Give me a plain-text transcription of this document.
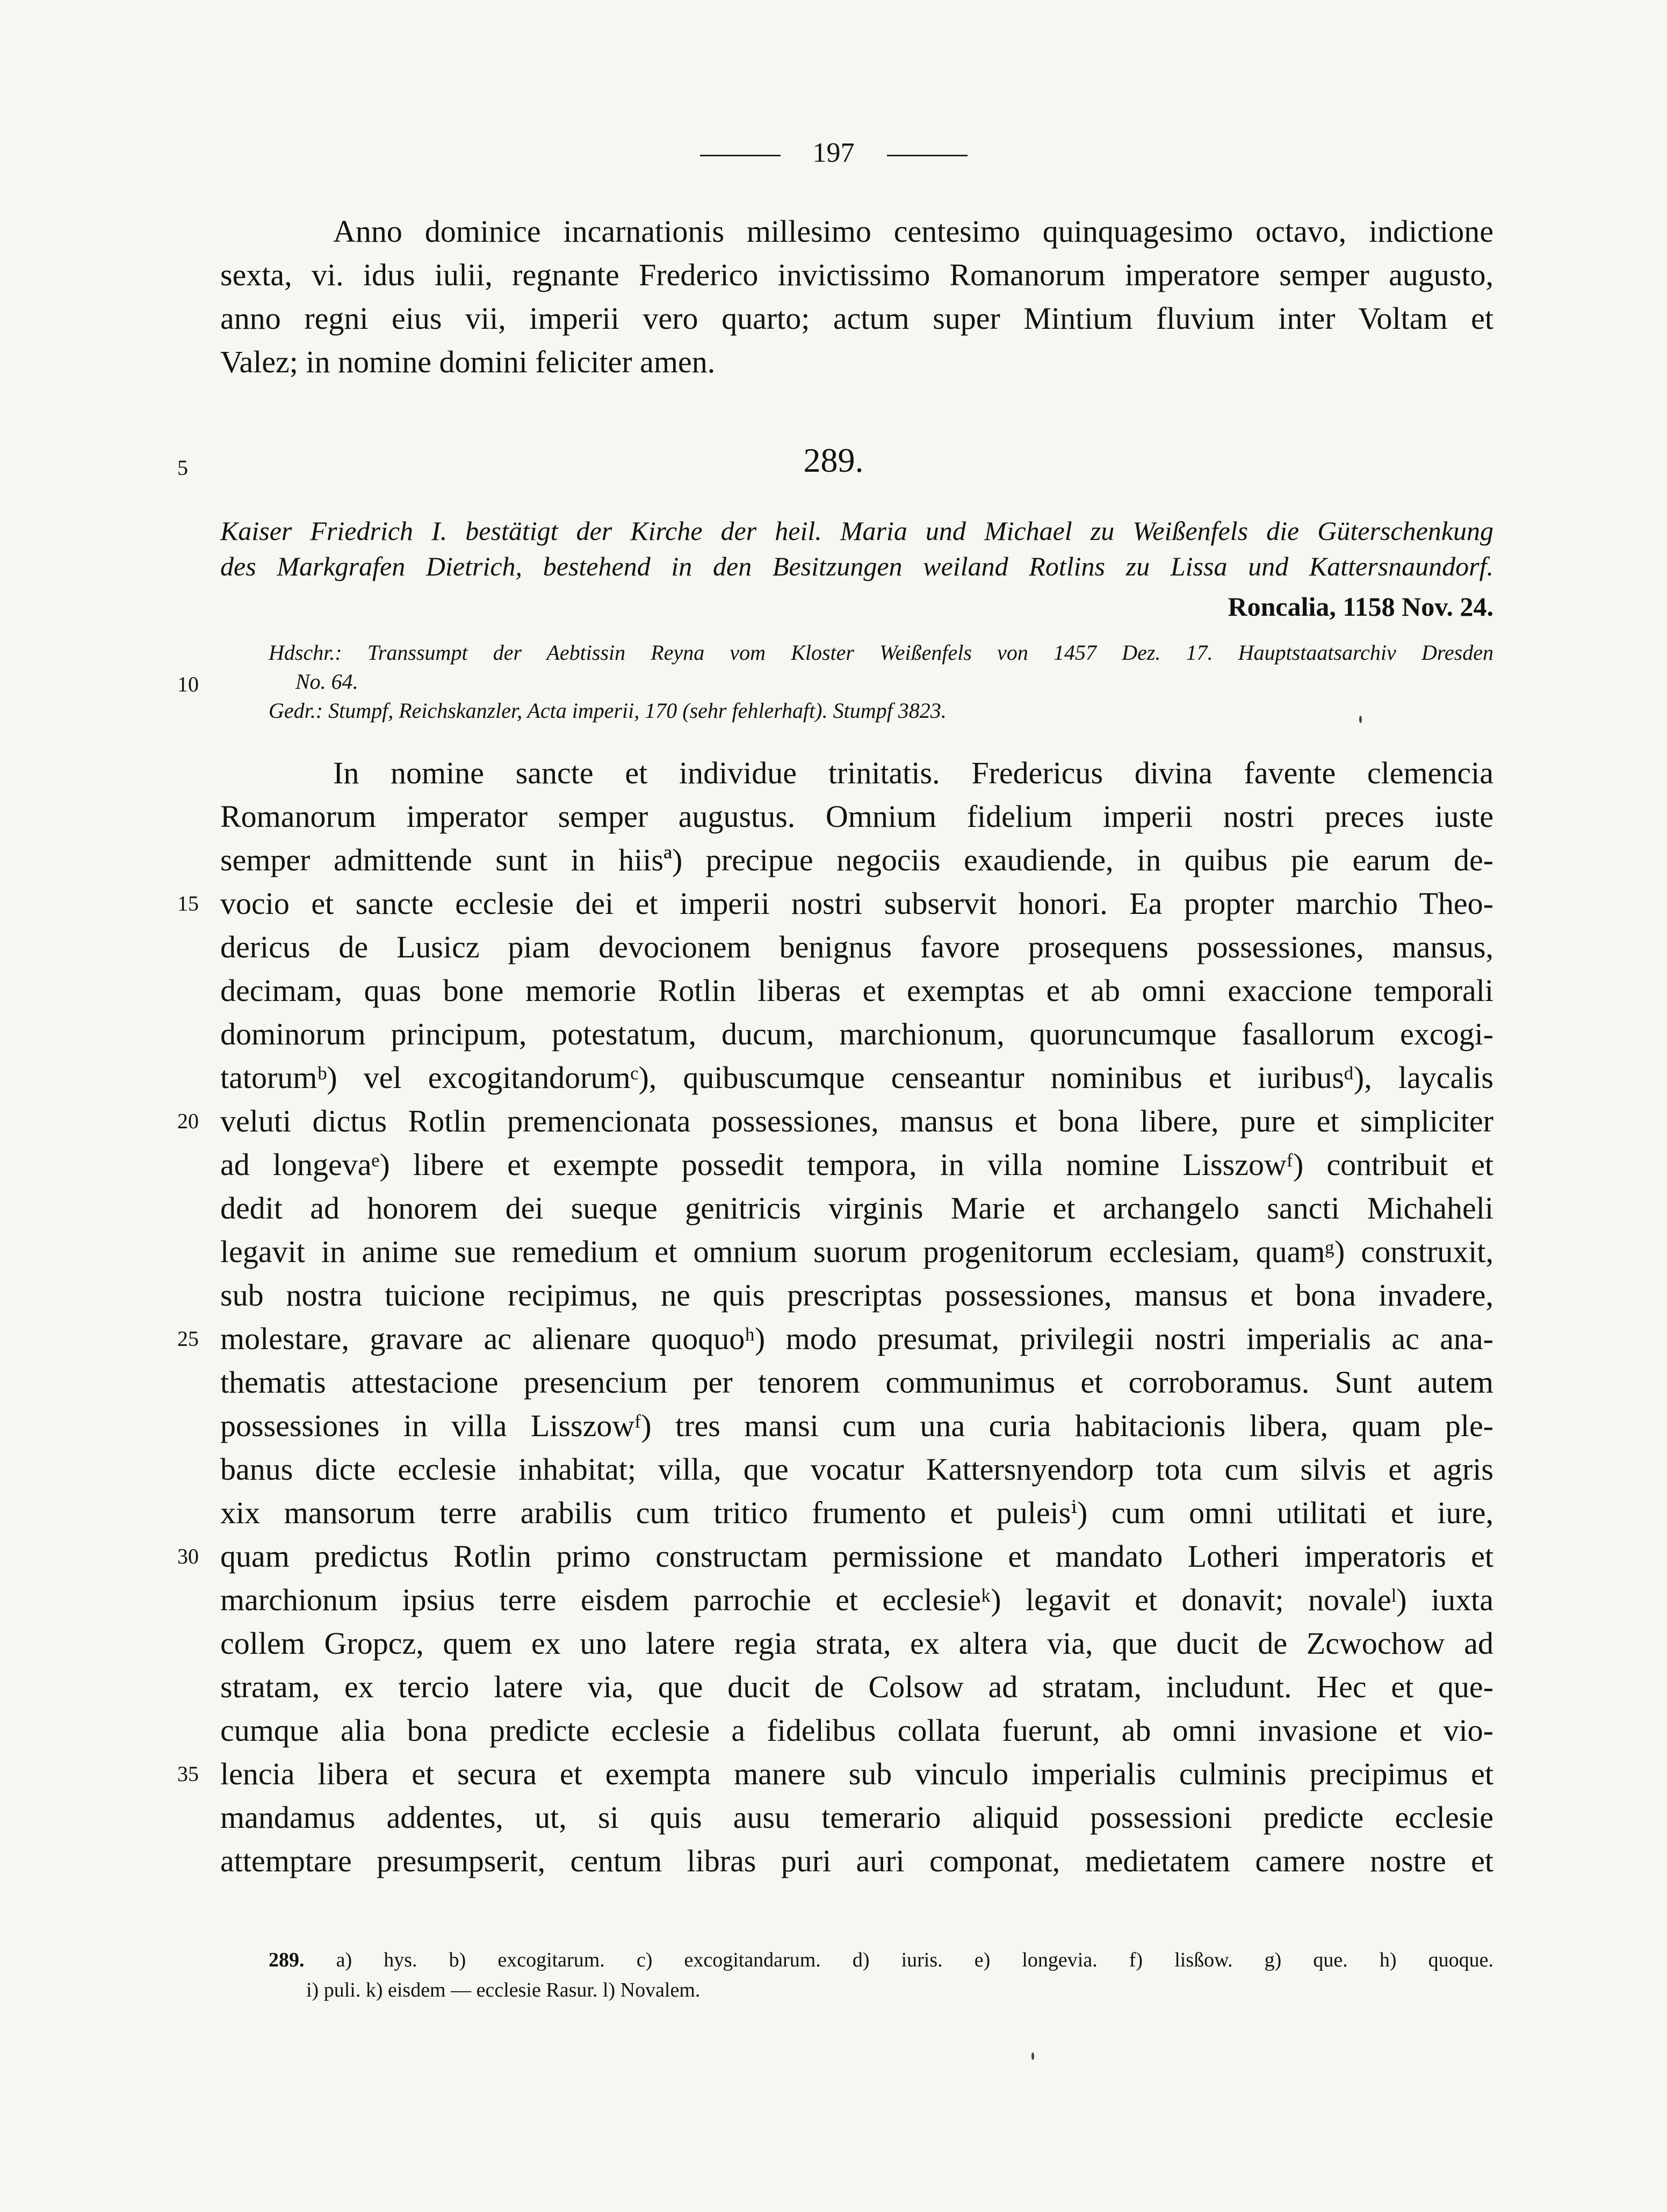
197
Anno dominice incarnationis millesimo centesimo quinquagesimo octavo, indictione
sexta, vi. idus iulii, regnante Frederico invictissimo Romanorum imperatore semper augusto,
anno regni eius vii, imperii vero quarto; actum super Mintium fluvium inter Voltam et
Valez; in nomine domini feliciter amen.
5	289.
Kaiser Friedrich I. bestätigt der Kirche der heil. Maria und Michael zu Weißenfels die Güterschenkung
des Markgrafen Dietrich, bestehend in den Besitzungen weiland Rotlins zu Lissa und Kattersnaundorf.
Roncalia, 1158 Nov. 24.
Hdschr.: Transsumpt der Aebtissin Reyna vom Kloster Weißenfels von 1457 Dez. 17. Hauptstaatsarchiv Dresden
No. 64.
Gedr.: Stumpf, Reichskanzler, Acta imperii, 170 (sehr fehlerhaft). Stumpf 3823.
10
In nomine sancte et individue trinitatis. Fredericus divina favente clemencia
Romanorum imperator semper augustus. Omnium fidelium imperii nostri preces iuste
semper admittende sunt in hiisª) precipue negociis exaudiende, in quibus pie earum de-
vocio et sancte ecclesie dei et imperii nostri subservit honori. Ea propter marchio Theo-
dericus de Lusicz piam devocionem benignus favore prosequens possessiones, mansus,
decimam, quas bone memorie Rotlin liberas et exemptas et ab omni exaccione temporali
dominorum principum, potestatum, ducum, marchionum, quoruncumque fasallorum excogi-
tatorumᵇ) vel excogitandorumᶜ), quibuscumque censeantur nominibus et iuribusᵈ), laycalis
veluti dictus Rotlin premencionata possessiones, mansus et bona libere, pure et simpliciter
ad longevaᵉ) libere et exempte possedit tempora, in villa nomine Lisszowᶠ) contribuit et
dedit ad honorem dei sueque genitricis virginis Marie et archangelo sancti Michaheli
legavit in anime sue remedium et omnium suorum progenitorum ecclesiam, quamᵍ) construxit,
sub nostra tuicione recipimus, ne quis prescriptas possessiones, mansus et bona invadere,
molestare, gravare ac alienare quoquoʰ) modo presumat, privilegii nostri imperialis ac ana-
thematis attestacione presencium per tenorem communimus et corroboramus. Sunt autem
possessiones in villa Lisszowᶠ) tres mansi cum una curia habitacionis libera, quam ple-
banus dicte ecclesie inhabitat; villa, que vocatur Kattersnyendorp tota cum silvis et agris
xix mansorum terre arabilis cum tritico frumento et puleisⁱ) cum omni utilitati et iure,
quam predictus Rotlin primo constructam permissione et mandato Lotheri imperatoris et
marchionum ipsius terre eisdem parrochie et ecclesieᵏ) legavit et donavit; novaleˡ) iuxta
collem Gropcz, quem ex uno latere regia strata, ex altera via, que ducit de Zcwochow ad
stratam, ex tercio latere via, que ducit de Colsow ad stratam, includunt. Hec et que-
cumque alia bona predicte ecclesie a fidelibus collata fuerunt, ab omni invasione et vio-
lencia libera et secura et exempta manere sub vinculo imperialis culminis precipimus et
mandamus addentes, ut, si quis ausu temerario aliquid possessioni predicte ecclesie
attemptare presumpserit, centum libras puri auri componat, medietatem camere nostre et
15
20
25
30
35
289. a) hys. b) excogitarum. c) excogitandarum. d) iuris. e) longevia. f) lisßow. g) que. h) quoque.
i) puli. k) eisdem — ecclesie Rasur. l) Novalem.
